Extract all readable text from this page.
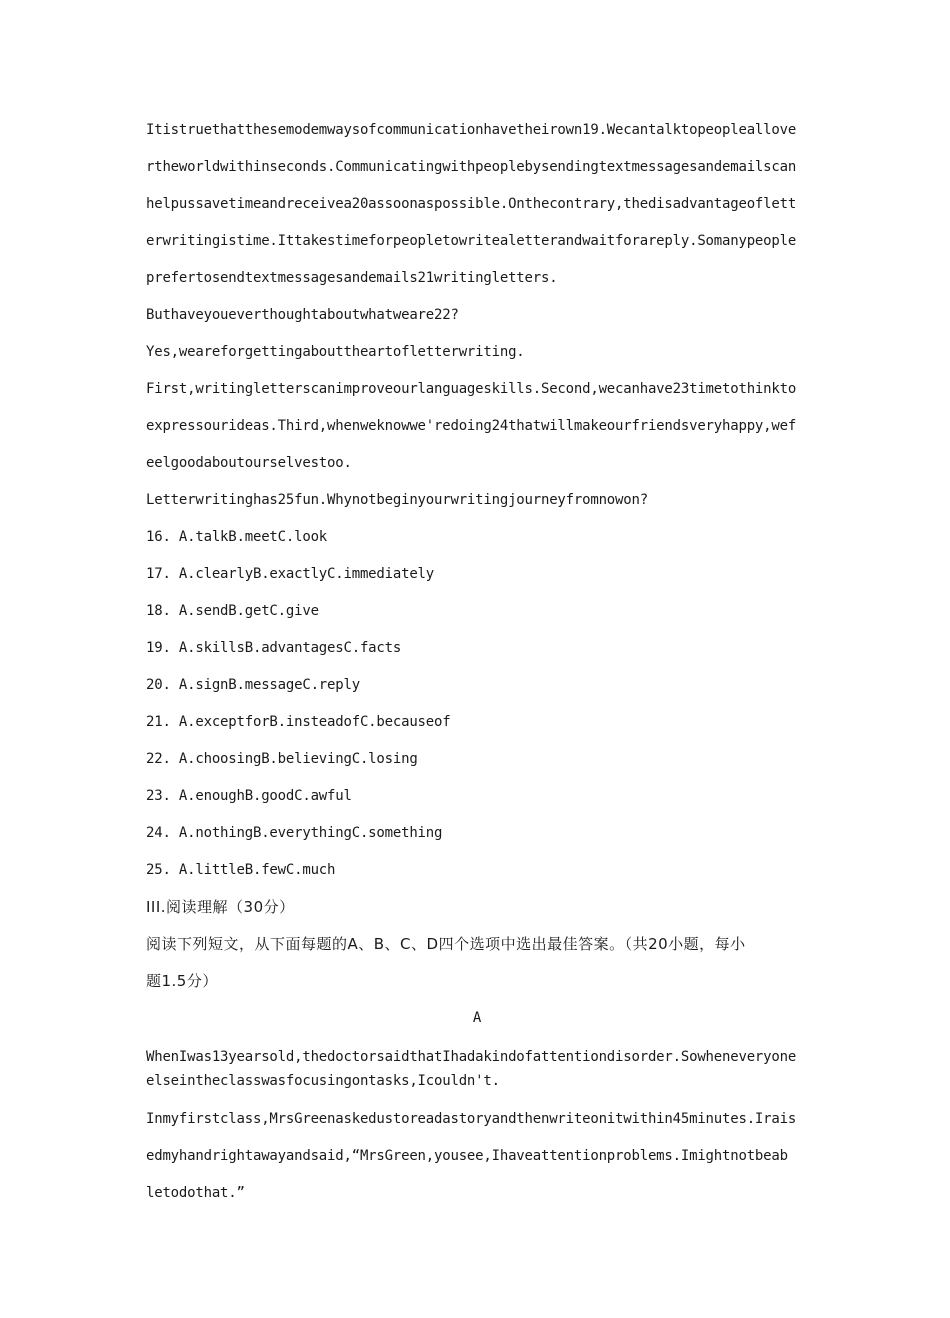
Itistruethatthesemodemwaysofcommunicationhavetheirown19.Wecantalktopeopleallove
rtheworldwithinseconds.Communicatingwithpeoplebysendingtextmessagesandemailscan
helpussavetimeandreceivea20assoonaspossible.Onthecontrary,thedisadvantageoflett
erwritingistime.Ittakestimeforpeopletowritealetterandwaitforareply.Somanypeople
prefertosendtextmessagesandemails21writingletters.
Buthaveyoueverthoughtaboutwhatweare22?
Yes,weareforgettingabouttheartofletterwriting.
First,writingletterscanimproveourlanguageskills.Second,wecanhave23timetothinkto
expressourideas.Third,whenweknowwe'redoing24thatwillmakeourfriendsveryhappy,wef
eelgoodaboutourselvestoo.
Letterwritinghas25fun.Whynotbeginyourwritingjourneyfromnowon?
16. A.talkB.meetC.look
17. A.clearlyB.exactlyC.immediately
18. A.sendB.getC.give
19. A.skillsB.advantagesC.facts
20. A.signB.messageC.reply
21. A.exceptforB.insteadofC.becauseof
22. A.choosingB.believingC.losing
23. A.enoughB.goodC.awful
24. A.nothingB.everythingC.something
25. A.littleB.fewC.much
III.阅读理解（30分）
阅读下列短文，从下面每题的A、B、C、D四个选项中选出最佳答案。（共20小题，每小
题1.5分）
A
WhenIwas13yearsold,thedoctorsaidthatIhadakindofattentiondisorder.Sowheneveryone
elseintheclasswasfocusingontasks,Icouldn't.
Inmyfirstclass,MrsGreenaskedustoreadastoryandthenwriteonitwithin45minutes.Irais
edmyhandrightawayandsaid,“MrsGreen,yousee,Ihaveattentionproblems.Imightnotbeab
letodothat.”
